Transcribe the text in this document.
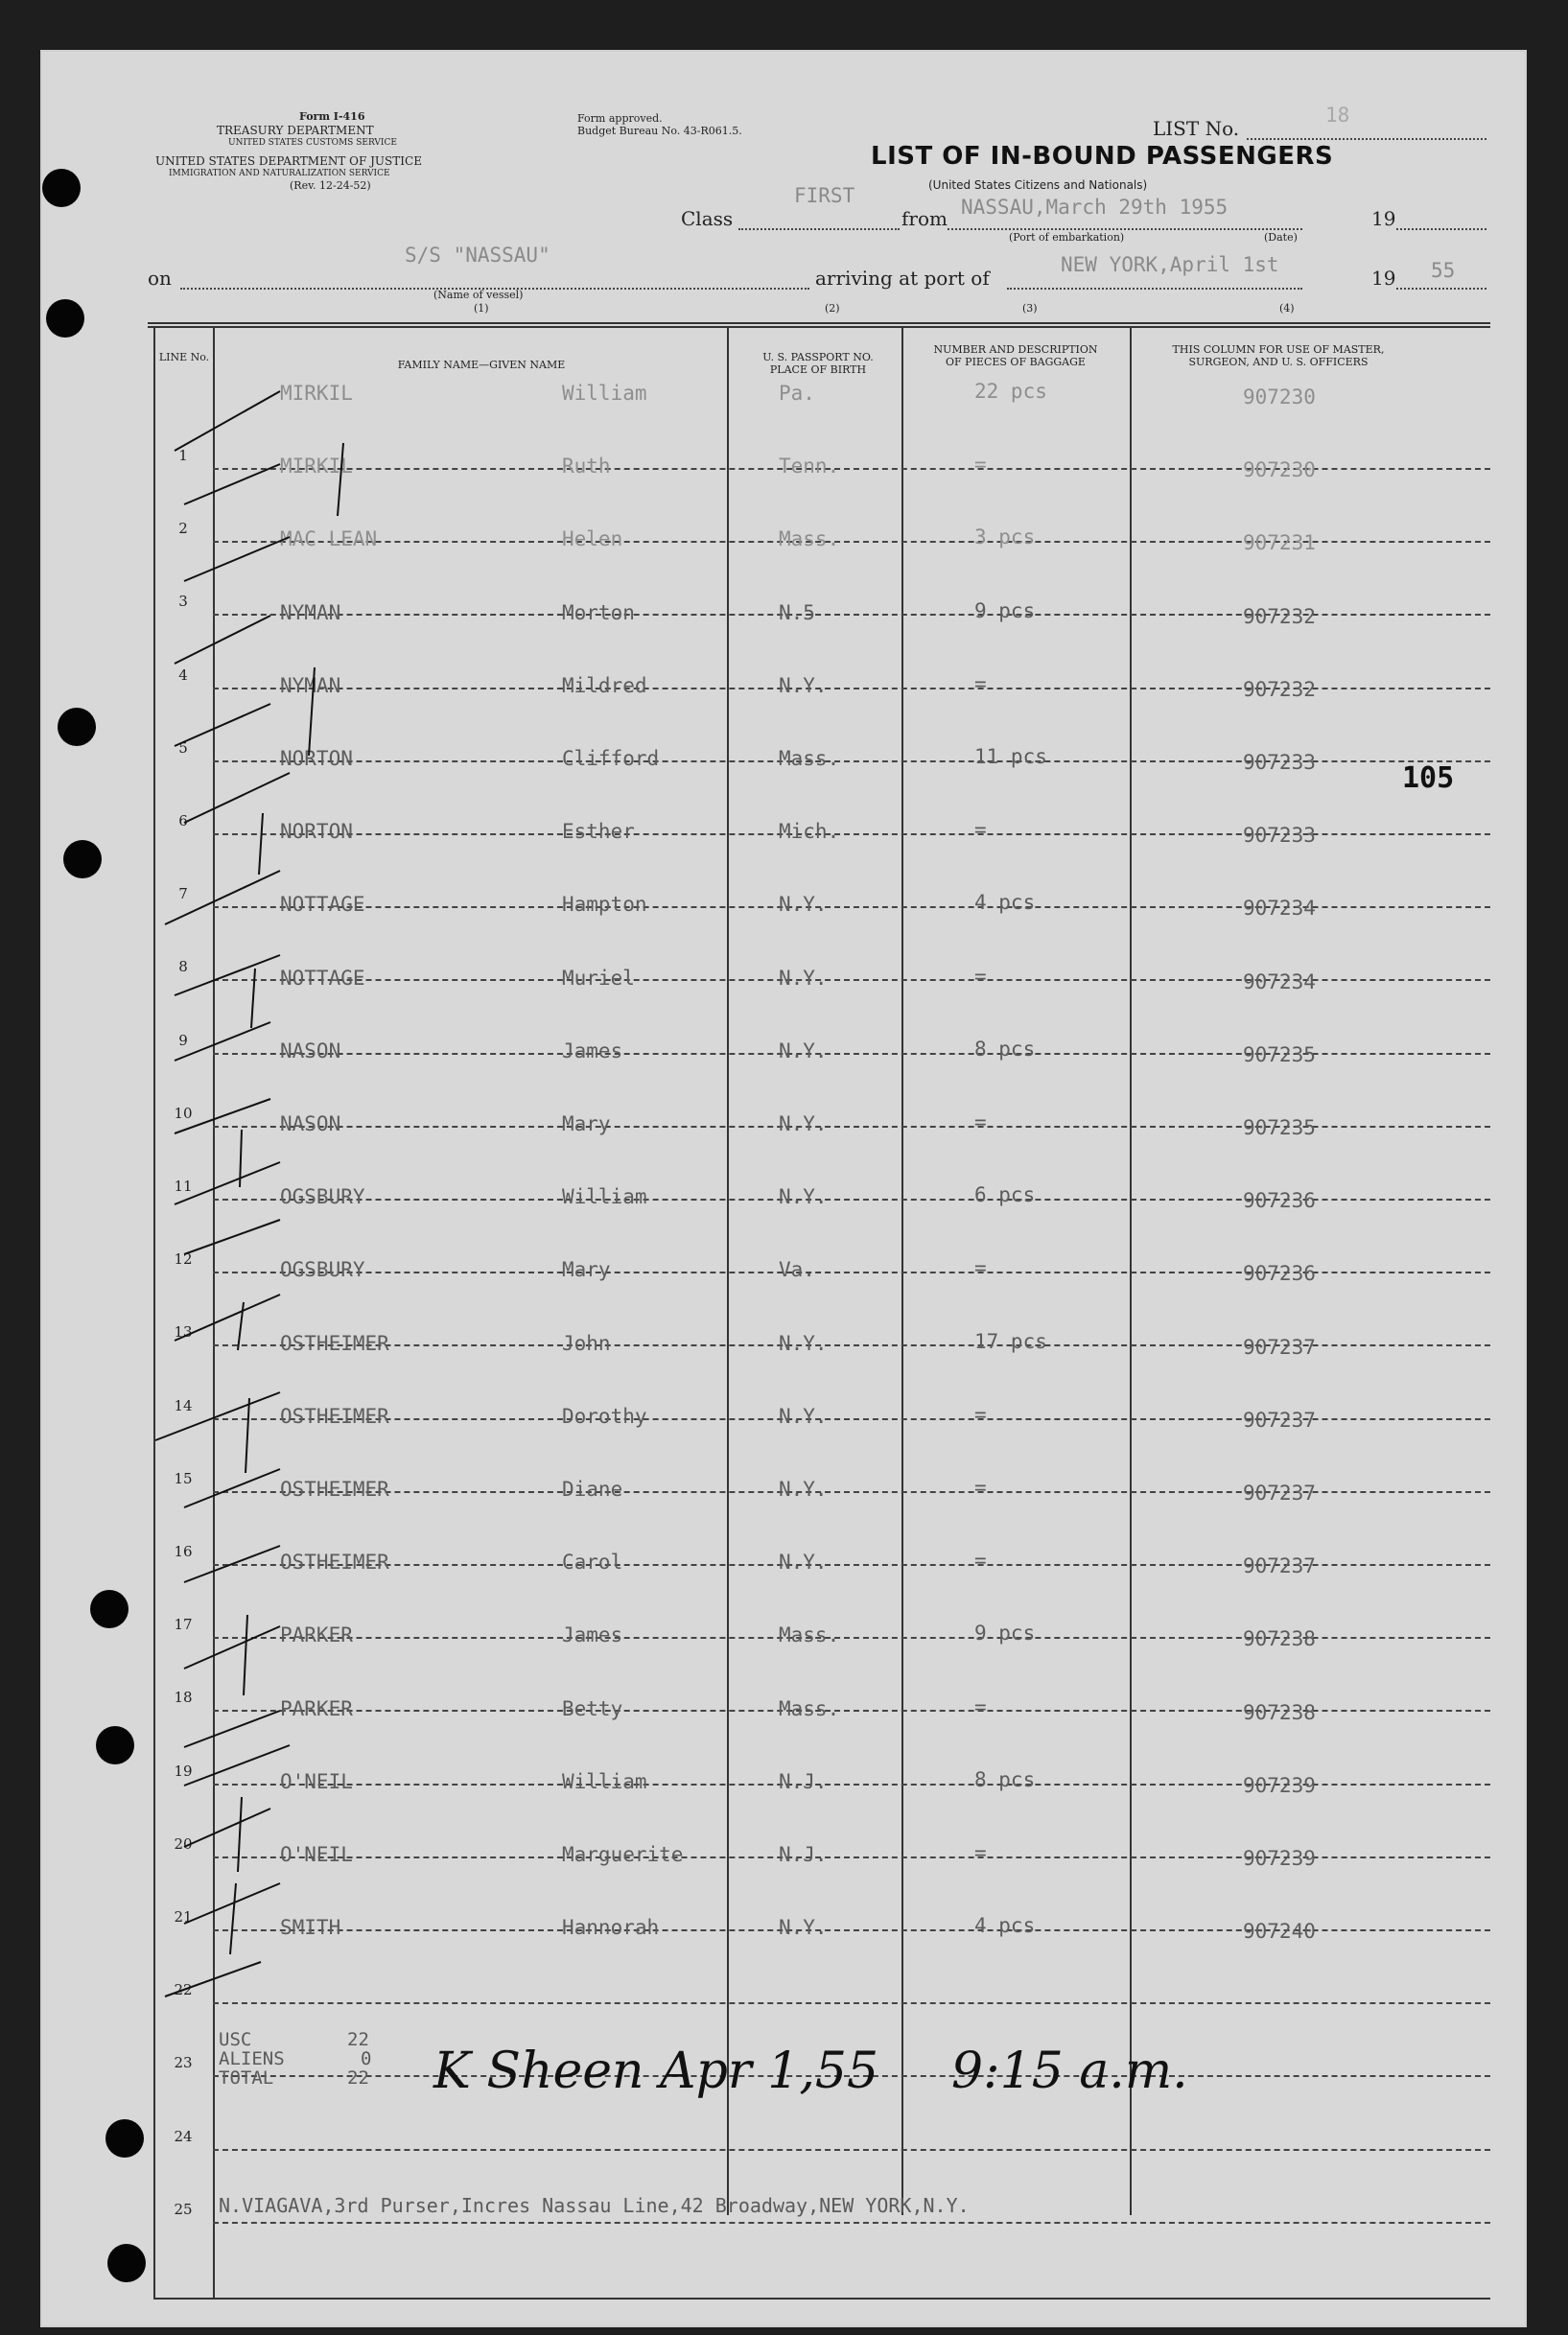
Form I-416
TREASURY DEPARTMENT
UNITED STATES CUSTOMS SERVICE
UNITED STATES DEPARTMENT OF JUSTICE
IMMIGRATION AND NATURALIZATION SERVICE
(Rev. 12-24-52)
Form approved.
Budget Bureau No. 43-R061.5.	LIST No.
18
LIST OF IN-BOUND PASSENGERS
(United States Citizens and Nationals)
Class
FIRST
from NASSAU,March 29th 1955	19
(Port of embarkation)	(Date)
on
S/S "NASSAU"
arriving at port of
NEW YORK,April 1st
19 55
(Name of vessel)
(1)	(2)	(3)	(4)
LINE No.
FAMILY NAME—GIVEN NAME
U. S. PASSPORT NO. PLACE OF BIRTH
NUMBER AND DESCRIPTION OF PIECES OF BAGGAGE
THIS COLUMN FOR USE OF MASTER, SURGEON, AND U. S. OFFICERS
1
MIRKIL	William	Pa.	22 pcs	907230
2
MIRKIL	Ruth	Tenn.	=	907230
3
MAC LEAN	Helen	Mass.	3 pcs	907231
4
NYMAN	Morton	N.5	9 pcs	907232
5
NYMAN	Mildred	N.Y.	=	907232
6
NORTON	Clifford	Mass.	11 pcs	907233
7
NORTON	Esther	Mich.	=	907233
8
NOTTAGE	Hampton	N.Y.	4 pcs	907234
9
NOTTAGE	Muriel	N.Y.	=	907234
10
NASON	James	N.Y.	8 pcs	907235
11
NASON	Mary	N.Y.	=	907235
12
OGSBURY	William	N.Y.	6 pcs	907236
13
OGSBURY	Mary	Va.	=	907236
14
OSTHEIMER	John	N.Y.	17 pcs	907237
15
OSTHEIMER	Dorothy	N.Y.	=	907237
16
OSTHEIMER	Diane	N.Y.	=	907237
17
OSTHEIMER	Carol	N.Y.	=	907237
18
PARKER	James	Mass.	9 pcs	907238
19
PARKER	Betty	Mass.	=	907238
20
O'NEIL	William	N.J.	8 pcs	907239
21
O'NEIL	Marguerite	N.J.	=	907239
22
SMITH	Hannorah	N.Y.	4 pcs	907240
23
24
25
USC	22
ALIENS	0
TOTAL	22 K Sheen Apr 1,55 9:15 a.m.
N.VIAGAVA,3rd Purser,Incres Nassau Line,42 Broadway,NEW YORK,N.Y.
105
